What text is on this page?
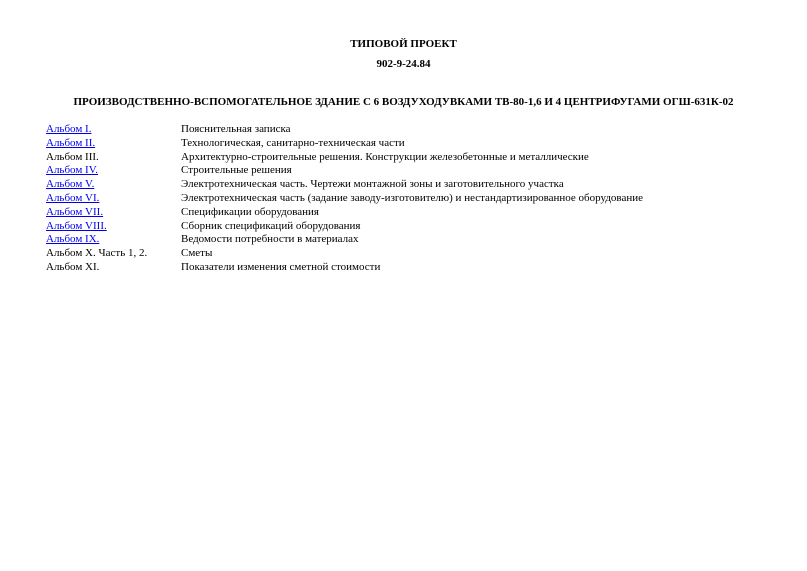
ТИПОВОЙ ПРОЕКТ
902-9-24.84
ПРОИЗВОДСТВЕННО-ВСПОМОГАТЕЛЬНОЕ ЗДАНИЕ С 6 ВОЗДУХОДУВКАМИ ТВ-80-1,6 И 4 ЦЕНТРИФУГАМИ ОГШ-631К-02
Альбом I.	Пояснительная записка
Альбом II.	Технологическая, санитарно-техническая части
Альбом III.	Архитектурно-строительные решения. Конструкции железобетонные и металлические
Альбом IV.	Строительные решения
Альбом V.	Электротехническая часть. Чертежи монтажной зоны и заготовительного участка
Альбом VI.	Электротехническая часть (задание заводу-изготовителю) и нестандартизированное оборудование
Альбом VII.	Спецификации оборудования
Альбом VIII.	Сборник спецификаций оборудования
Альбом IX.	Ведомости потребности в материалах
Альбом X. Часть 1, 2.	Сметы
Альбом XI.	Показатели изменения сметной стоимости
